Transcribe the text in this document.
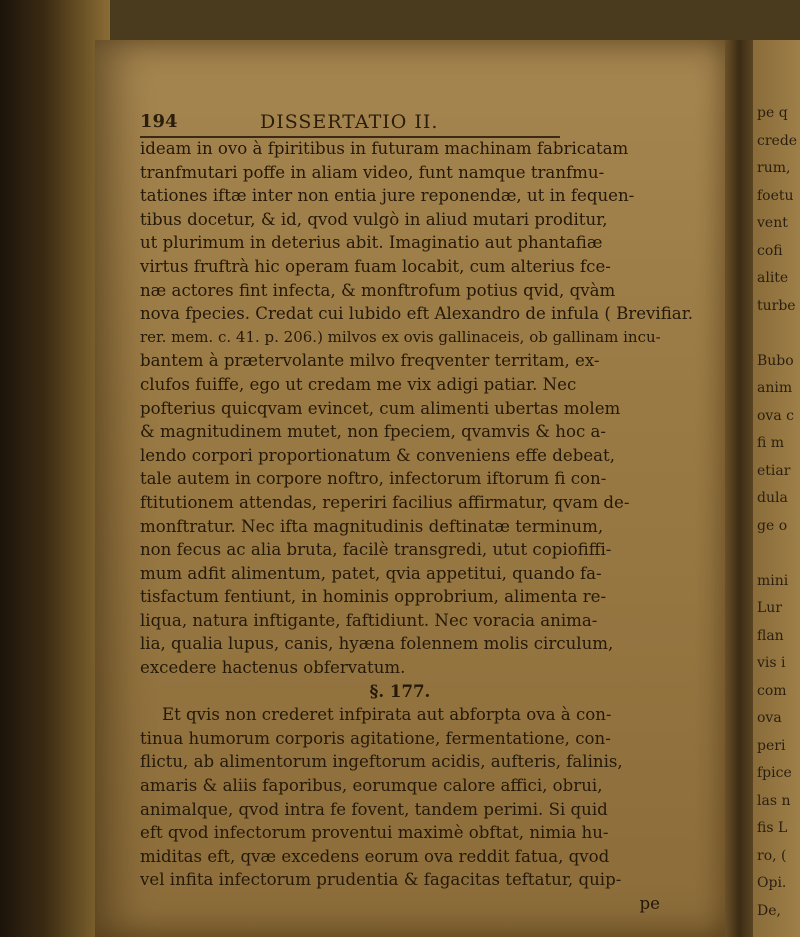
pe q
crede
rum,
foetu
vent
cofi
alite
turbe

Bubo
anim
ova c
fi m
etiar
dula
ge o

mini
Lur
flan
vis i
com
ova
peri
fpice
las n
fis L
ro, (
Opi.
De,
194	DISSERTATIO II.
ideam in ovo à fpiritibus in futuram machinam fabricatam
tranfmutari poffe in aliam video, funt namque tranfmu-
tationes iftæ inter non entia jure reponendæ, ut in fequen-
tibus docetur, & id, qvod vulgò in aliud mutari proditur,
ut plurimum in deterius abit. Imaginatio aut phantafiæ
virtus fruftrà hic operam fuam locabit, cum alterius fce-
næ actores fint infecta, & monftrofum potius qvid, qvàm
nova fpecies. Credat cui lubido eft Alexandro de infula ( Brevifiar.
rer. mem. c. 41. p. 206.) milvos ex ovis gallinaceis, ob gallinam incu-
bantem à prætervolante milvo freqventer territam, ex-
clufos fuiffe, ego ut credam me vix adigi patiar. Nec
pofterius quicqvam evincet, cum alimenti ubertas molem
& magnitudinem mutet, non fpeciem, qvamvis & hoc a-
lendo corpori proportionatum & conveniens effe debeat,
tale autem in corpore noftro, infectorum iftorum fi con-
ftitutionem attendas, reperiri facilius affirmatur, qvam de-
monftratur. Nec ifta magnitudinis deftinatæ terminum,
non fecus ac alia bruta, facilè transgredi, utut copiofiffi-
mum adfit alimentum, patet, qvia appetitui, quando fa-
tisfactum fentiunt, in hominis opprobrium, alimenta re-
liqua, natura inftigante, faftidiunt. Nec voracia anima-
lia, qualia lupus, canis, hyæna folennem molis circulum,
excedere hactenus obfervatum.
§. 177.
Et qvis non crederet infpirata aut abforpta ova à con-
tinua humorum corporis agitatione, fermentatione, con-
flictu, ab alimentorum ingeftorum acidis, aufteris, falinis,
amaris & aliis faporibus, eorumque calore affici, obrui,
animalque, qvod intra fe fovent, tandem perimi. Si quid
eft qvod infectorum proventui maximè obftat, nimia hu-
miditas eft, qvæ excedens eorum ova reddit fatua, qvod
vel infita infectorum prudentia & fagacitas teftatur, quip-
pe
